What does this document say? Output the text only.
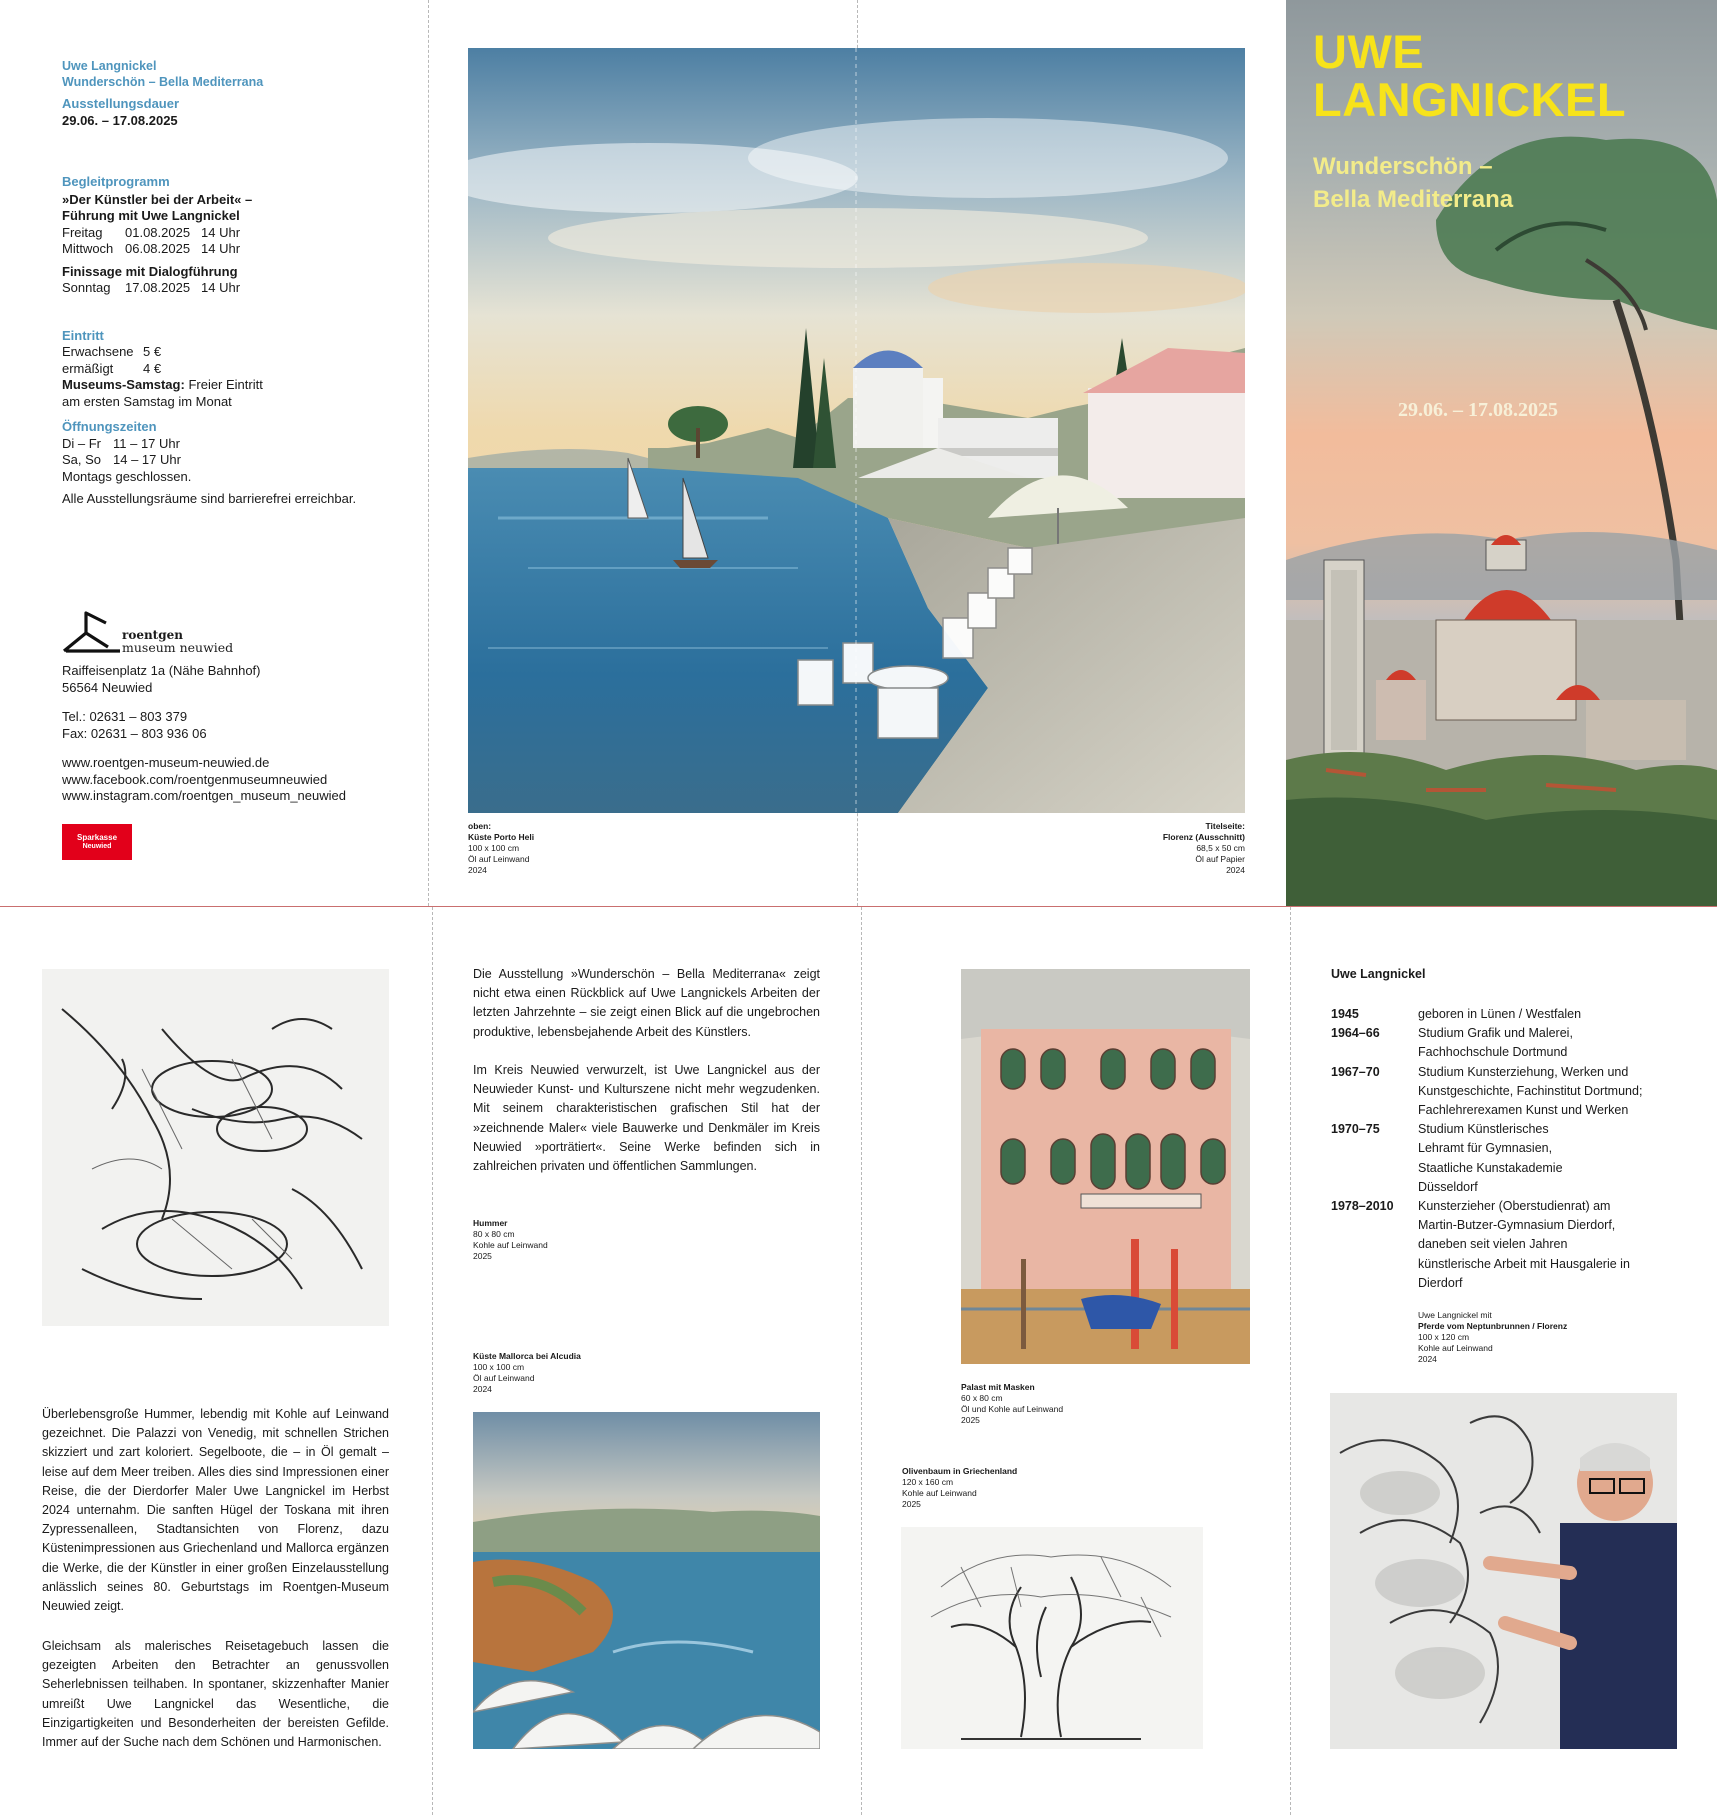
Uwe Langnickel
Wunderschön – Bella Mediterrana
Ausstellungsdauer
29.06. – 17.08.2025
Begleitprogramm
»Der Künstler bei der Arbeit« –
Führung mit Uwe Langnickel
Freitag	01.08.2025 14 Uhr
Mittwoch 06.08.2025 14 Uhr
Finissage mit Dialogführung
Sonntag	17.08.2025 14 Uhr
Eintritt
Erwachsene 5 €
ermäßigt	4 €
Museums-Samstag: Freier Eintritt
am ersten Samstag im Monat
Öffnungszeiten
Di – Fr 11 – 17 Uhr
Sa, So 14 – 17 Uhr
Montags geschlossen.
Alle Ausstellungsräume sind barrierefrei erreichbar.
roentgen
museum neuwied
Raiffeisenplatz 1a (Nähe Bahnhof)
56564 Neuwied
Tel.: 02631 – 803 379
Fax: 02631 – 803 936 06
www.roentgen-museum-neuwied.de
www.facebook.com/roentgenmuseumneuwied
www.instagram.com/roentgen_museum_neuwied
Sparkasse
Neuwied
oben:
Küste Porto Heli
100 x 100 cm
Öl auf Leinwand
2024
Titelseite:
Florenz (Ausschnitt)
68,5 x 50 cm
Öl auf Papier
2024
UWE
LANGNICKEL
Wunderschön –
Bella Mediterrana
29.06. – 17.08.2025
Überlebensgroße Hummer, lebendig mit Kohle auf Leinwand gezeichnet. Die Palazzi von Venedig, mit schnellen Strichen skizziert und zart koloriert. Segelboote, die – in Öl gemalt – leise auf dem Meer treiben. Alles dies sind Impressionen einer Reise, die der Dierdorfer Maler Uwe Langnickel im Herbst 2024 unternahm. Die sanften Hügel der Toskana mit ihren Zypressenalleen, Stadtansichten von Florenz, dazu Küstenimpressionen aus Griechenland und Mallorca ergänzen die Werke, die der Künstler in einer großen Einzelausstellung anlässlich seines 80. Geburtstags im Roentgen-Museum Neuwied zeigt.
Gleichsam als malerisches Reisetagebuch lassen die gezeigten Arbeiten den Betrachter an genussvollen Seherlebnissen teilhaben. In spontaner, skizzenhafter Manier umreißt Uwe Langnickel das Wesentliche, die Einzigartigkeiten und Besonderheiten der bereisten Gefilde. Immer auf der Suche nach dem Schönen und Harmonischen.
Die Ausstellung »Wunderschön – Bella Mediterrana« zeigt nicht etwa einen Rückblick auf Uwe Langnickels Arbeiten der letzten Jahrzehnte – sie zeigt einen Blick auf die ungebrochen produktive, lebensbejahende Arbeit des Künstlers.
Im Kreis Neuwied verwurzelt, ist Uwe Langnickel aus der Neuwieder Kunst- und Kulturszene nicht mehr wegzudenken. Mit seinem charakteristischen grafischen Stil hat der »zeichnende Maler« viele Bauwerke und Denkmäler im Kreis Neuwied »porträtiert«. Seine Werke befinden sich in zahlreichen privaten und öffentlichen Sammlungen.
Hummer
80 x 80 cm
Kohle auf Leinwand
2025
Küste Mallorca bei Alcudia
100 x 100 cm
Öl auf Leinwand
2024	Palast mit Masken
60 x 80 cm
Öl und Kohle auf Leinwand
2025
Olivenbaum in Griechenland
120 x 160 cm
Kohle auf Leinwand
2025
Uwe Langnickel
1945	geboren in Lünen / Westfalen
1964–66	Studium Grafik und Malerei, Fachhochschule Dortmund
1967–70	Studium Kunsterziehung, Werken und Kunstgeschichte, Fachinstitut Dortmund; Fachlehrerexamen Kunst und Werken
1970–75	Studium Künstlerisches Lehramt für Gymnasien, Staatliche Kunstakademie Düsseldorf
1978–2010	Kunsterzieher (Oberstudienrat) am Martin-Butzer-Gymnasium Dierdorf, daneben seit vielen Jahren künstlerische Arbeit mit Hausgalerie in Dierdorf
Uwe Langnickel mit
Pferde vom Neptunbrunnen / Florenz
100 x 120 cm
Kohle auf Leinwand
2024
